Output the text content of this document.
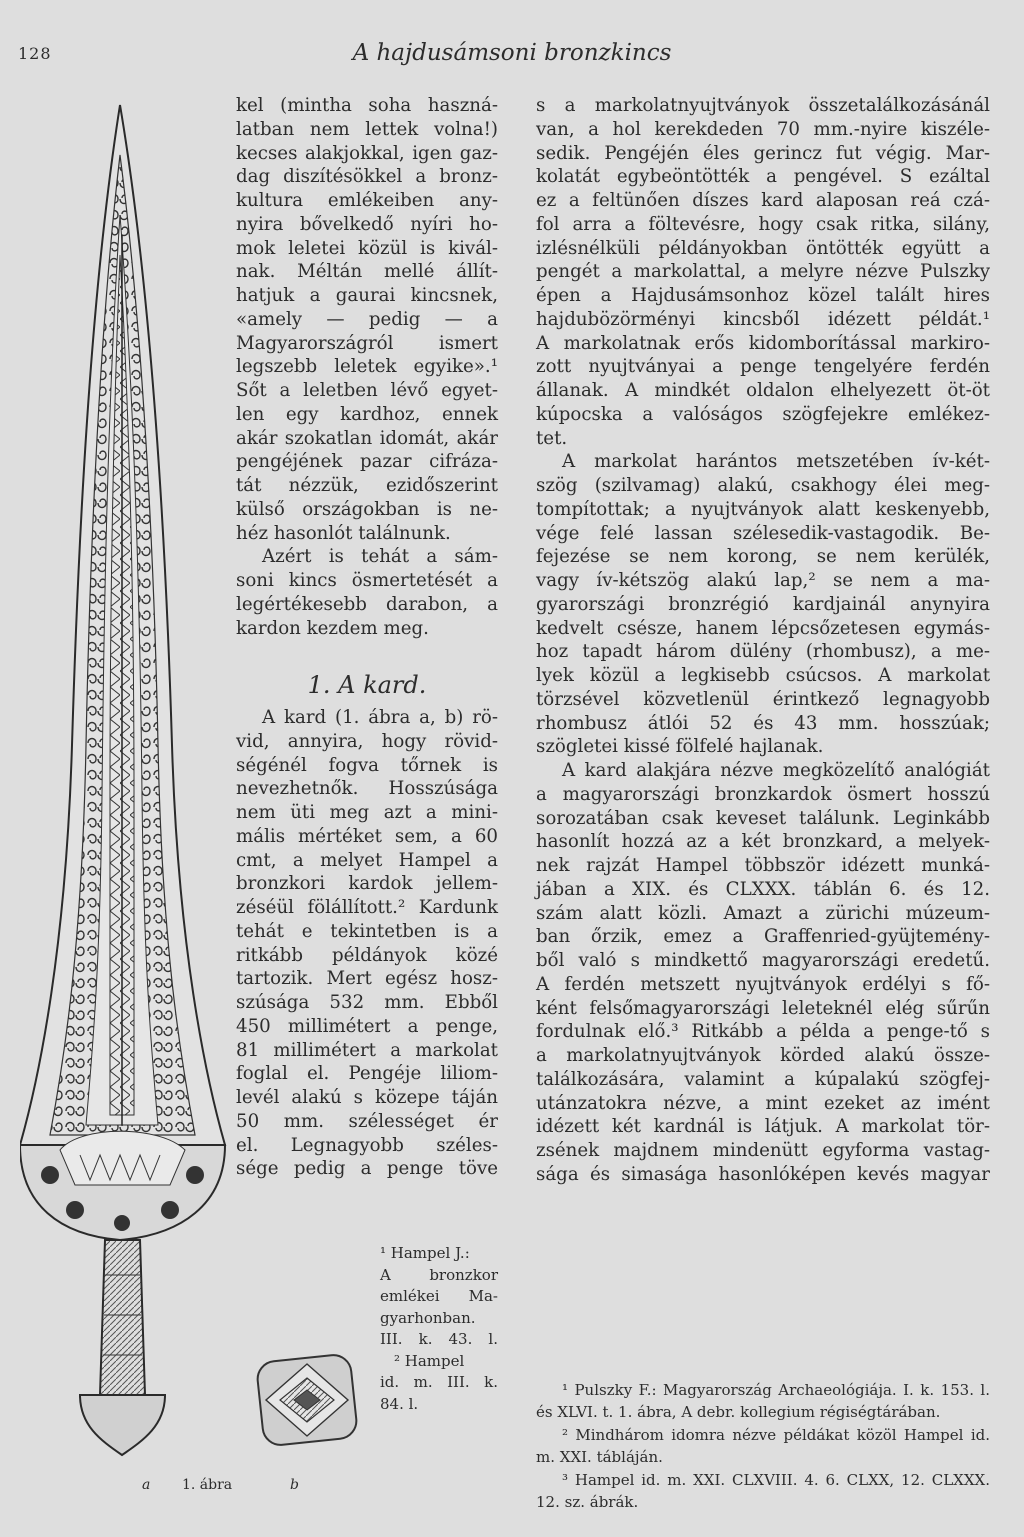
128	A hajdusámsoni bronzkincs

kel (mintha soha haszná-

latban nem lettek volna!)

kecses alakjokkal, igen gaz-

dag diszítésökkel a bronz-

kultura emlékeiben any-

nyira bővelkedő nyíri ho-

mok leletei közül is kivál-

nak. Méltán mellé állít-

hatjuk a gaurai kincsnek,

«amely — pedig — a

Magyarországról ismert

legszebb leletek egyike».¹

Sőt a leletben lévő egyet-

len egy kardhoz, ennek

akár szokatlan idomát, akár

pengéjének pazar cifráza-

tát nézzük, ezidőszerint

külső országokban is ne-

héz hasonlót találnunk.

Azért is tehát a sám-

soni kincs ösmertetését a

legértékesebb darabon, a

kardon kezdem meg.

1. A kard.

A kard (1. ábra a, b) rö-

vid, annyira, hogy rövid-

ségénél fogva tőrnek is

nevezhetnők. Hosszúsága

nem üti meg azt a mini-

mális mértéket sem, a 60

cmt, a melyet Hampel a

bronzkori kardok jellem-

zéséül fölállított.² Kardunk

tehát e tekintetben is a

ritkább példányok közé

tartozik. Mert egész hosz-

szúsága 532 mm. Ebből

450 millimétert a penge,

81 millimétert a markolat

foglal el. Pengéje liliom-

levél alakú s közepe táján

50 mm. szélességet ér

el. Legnagyobb széles-

sége pedig a penge töve

¹ Hampel J.:
A bronzkor
emlékei Ma-
gyarhonban.
III. k. 43. l.
² Hampel
id. m. III. k.
84. l.

s a markolatnyujtványok összetalálkozásánál

van, a hol kerekdeden 70 mm.-nyire kiszéle-

sedik. Pengéjén éles gerincz fut végig. Mar-

kolatát egybeöntötték a pengével. S ezáltal

ez a feltünően díszes kard alaposan reá czá-

fol arra a föltevésre, hogy csak ritka, silány,

izlésnélküli példányokban öntötték együtt a

pengét a markolattal, a melyre nézve Pulszky

épen a Hajdusámsonhoz közel talált hires

hajdubözörményi kincsből idézett példát.¹

A markolatnak erős kidomborítással markiro-

zott nyujtványai a penge tengelyére ferdén

állanak. A mindkét oldalon elhelyezett öt-öt

kúpocska a valóságos szögfejekre emlékez-

tet.

A markolat harántos metszetében ív-két-

szög (szilvamag) alakú, csakhogy élei meg-

tompítottak; a nyujtványok alatt keskenyebb,

vége felé lassan szélesedik-vastagodik. Be-

fejezése se nem korong, se nem kerülék,

vagy ív-kétszög alakú lap,² se nem a ma-

gyarországi bronzrégió kardjainál anynyira

kedvelt csésze, hanem lépcsőzetesen egymás-

hoz tapadt három dülény (rhombusz), a me-

lyek közül a legkisebb csúcsos. A markolat

törzsével közvetlenül érintkező legnagyobb

rhombusz átlói 52 és 43 mm. hosszúak;

szögletei kissé fölfelé hajlanak.

A kard alakjára nézve megközelítő analógiát

a magyarországi bronzkardok ösmert hosszú

sorozatában csak keveset találunk. Leginkább

hasonlít hozzá az a két bronzkard, a melyek-

nek rajzát Hampel többször idézett munká-

jában a XIX. és CLXXX. táblán 6. és 12.

szám alatt közli. Amazt a zürichi múzeum-

ban őrzik, emez a Graffenried-gyüjtemény-

ből való s mindkettő magyarországi eredetű.

A ferdén metszett nyujtványok erdélyi s fő-

ként felsőmagyarországi leleteknél elég sűrűn

fordulnak elő.³ Ritkább a példa a penge-tő s

a markolatnyujtványok körded alakú össze-

találkozására, valamint a kúpalakú szögfej-

utánzatokra nézve, a mint ezeket az imént

idézett két kardnál is látjuk. A markolat tör-

zsének majdnem mindenütt egyforma vastag-

sága és simasága hasonlóképen kevés magyar

¹ Pulszky F.: Magyarország Archaeológiája. I. k. 153. l. és XLVI. t. 1. ábra, A debr. kollegium régiségtárában.

² Mindhárom idomra nézve példákat közöl Hampel id. m. XXI. tábláján.

³ Hampel id. m. XXI. CLXVIII. 4. 6. CLXX, 12. CLXXX. 12. sz. ábrák.

a 1. ábra	b
